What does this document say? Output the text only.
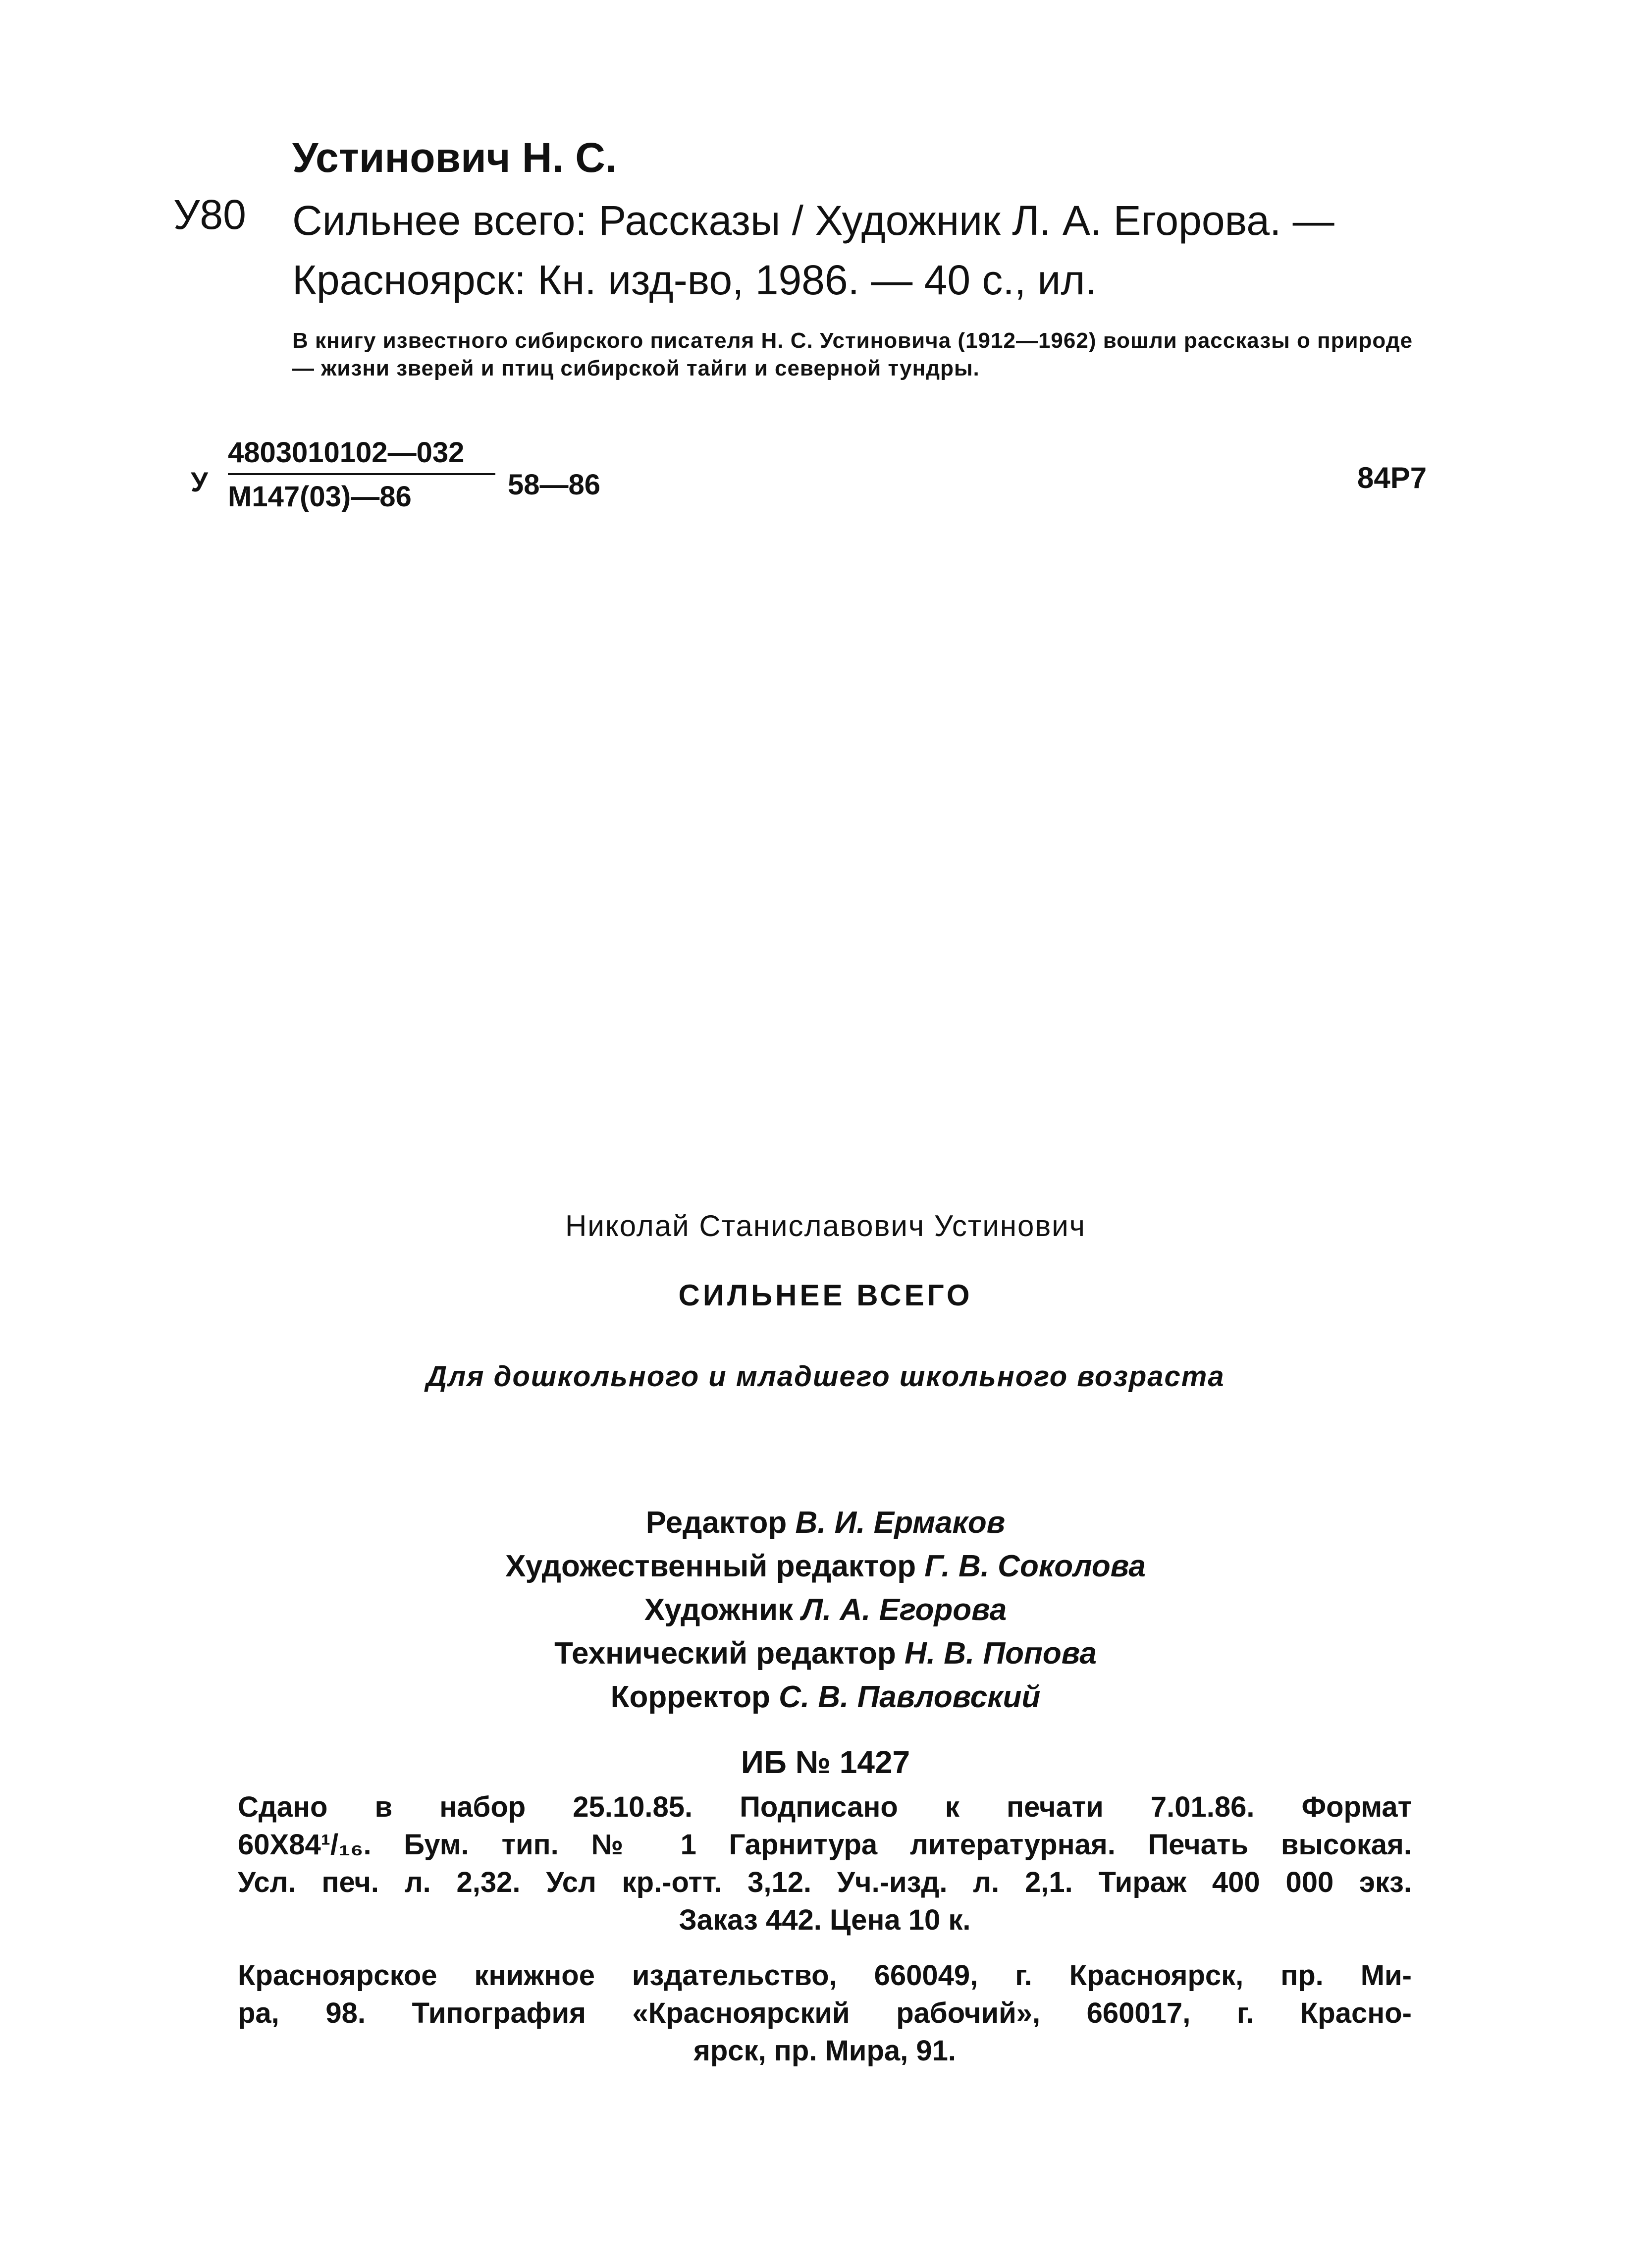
Устинович Н. С.
У80 Сильнее всего: Рассказы / Художник Л. А. Егорова. —
Красноярск: Кн. изд-во, 1986. — 40 с., ил.
В книгу известного сибирского писателя Н. С. Устиновича (1912—1962) вошли рассказы о природе — жизни зверей и птиц сибирской тайги и северной тундры.
У
4803010102—032
М147(03)—86	58—86	84Р7
Николай Станиславович Устинович
СИЛЬНЕЕ ВСЕГО
Для дошкольного и младшего школьного возраста
Редактор В. И. Ермаков
Художественный редактор Г. В. Соколова
Художник Л. А. Егорова
Технический редактор Н. В. Попова
Корректор С. В. Павловский
ИБ № 1427
Сдано в набор 25.10.85. Подписано к печати 7.01.86. Формат
60Х84¹/₁₆. Бум. тип. № 1 Гарнитура литературная. Печать высокая.
Усл. печ. л. 2,32. Усл кр.-отт. 3,12. Уч.-изд. л. 2,1. Тираж 400 000 экз.
Заказ 442. Цена 10 к.
Красноярское книжное издательство, 660049, г. Красноярск, пр. Ми-
ра, 98. Типография «Красноярский рабочий», 660017, г. Красно-
ярск, пр. Мира, 91.
